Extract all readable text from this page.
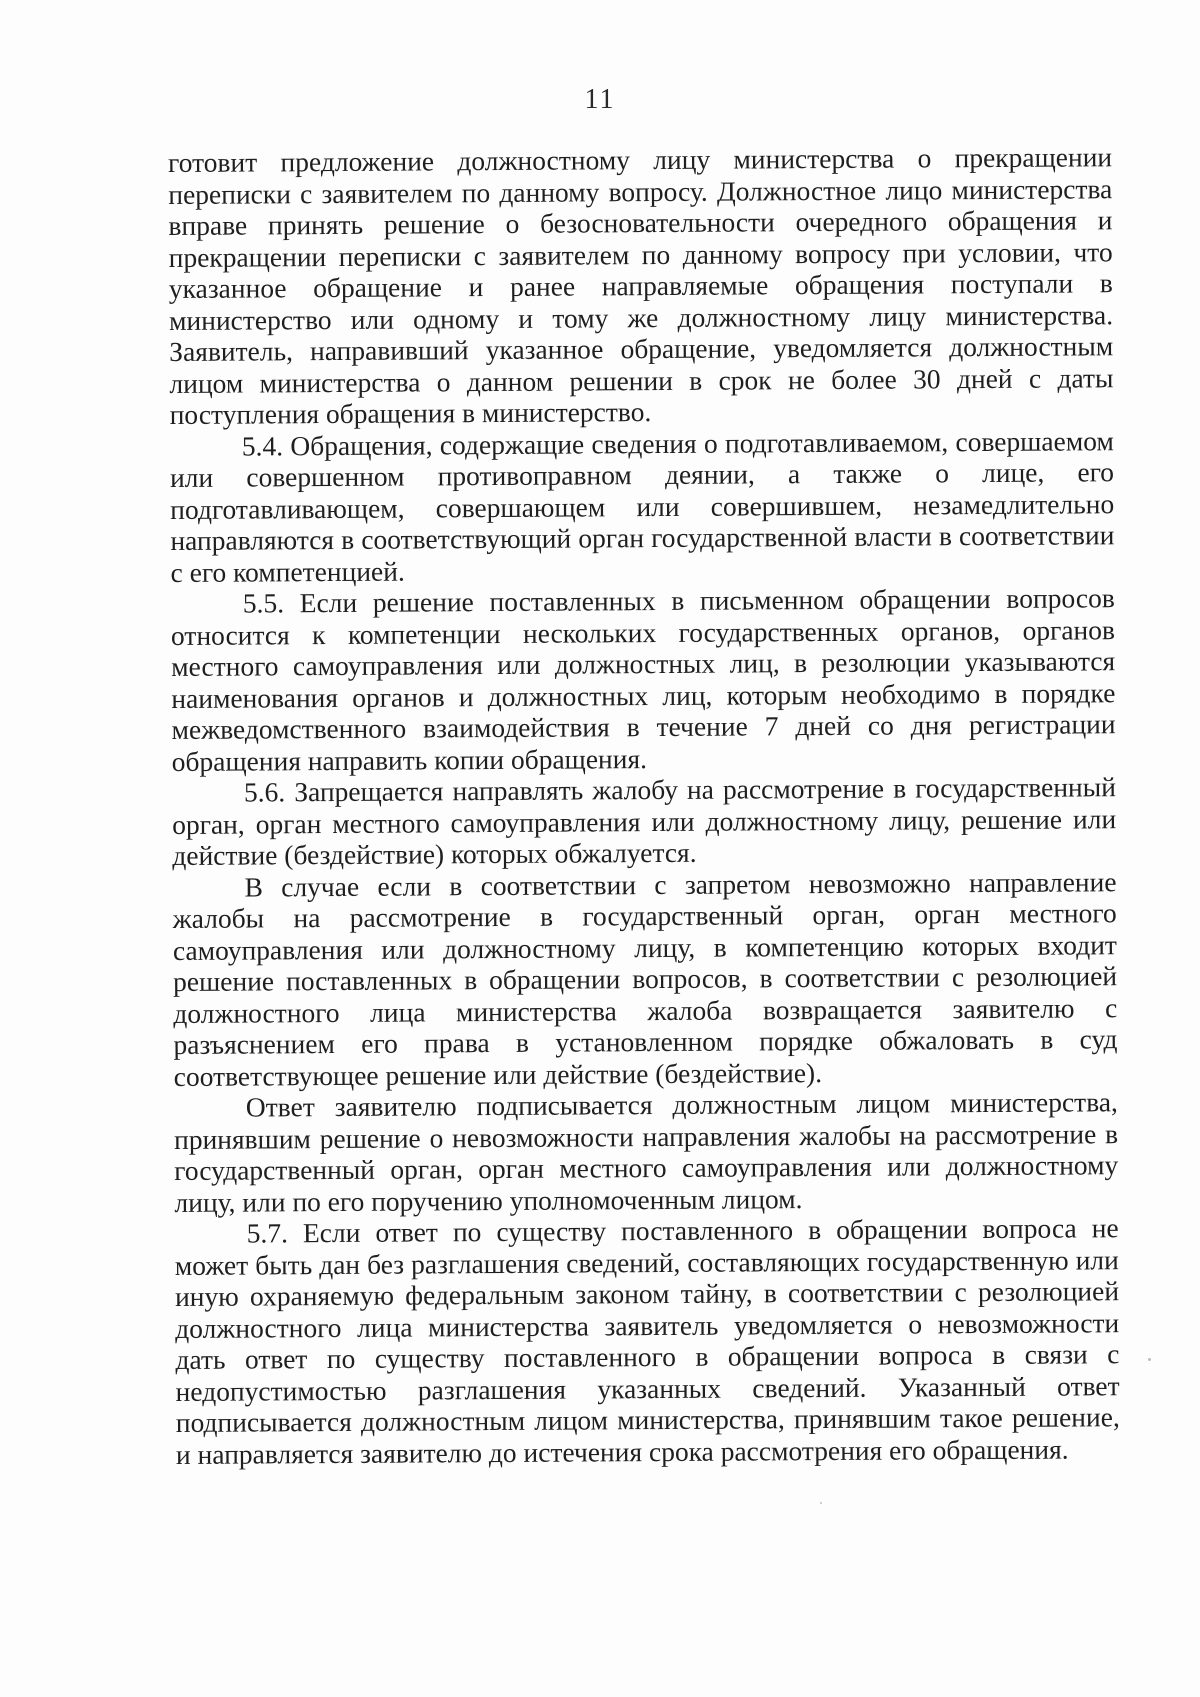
11

готовит предложение должностному лицу министерства о прекращении переписки с заявителем по данному вопросу. Должностное лицо министерства вправе принять решение о безосновательности очередного обращения и прекращении переписки с заявителем по данному вопросу при условии, что указанное обращение и ранее направляемые обращения поступали в министерство или одному и тому же должностному лицу министерства. Заявитель, направивший указанное обращение, уведомляется должностным лицом министерства о данном решении в срок не более 30 дней с даты поступления обращения в министерство.

5.4. Обращения, содержащие сведения о подготавливаемом, совершаемом или совершенном противоправном деянии, а также о лице, его подготавливающем, совершающем или совершившем, незамедлительно направляются в соответствующий орган государственной власти в соответствии с его компетенцией.

5.5. Если решение поставленных в письменном обращении вопросов относится к компетенции нескольких государственных органов, органов местного самоуправления или должностных лиц, в резолюции указываются наименования органов и должностных лиц, которым необходимо в порядке межведомственного взаимодействия в течение 7 дней со дня регистрации обращения направить копии обращения.

5.6. Запрещается направлять жалобу на рассмотрение в государственный орган, орган местного самоуправления или должностному лицу, решение или действие (бездействие) которых обжалуется.

В случае если в соответствии с запретом невозможно направление жалобы на рассмотрение в государственный орган, орган местного самоуправления или должностному лицу, в компетенцию которых входит решение поставленных в обращении вопросов, в соответствии с резолюцией должностного лица министерства жалоба возвращается заявителю с разъяснением его права в установленном порядке обжаловать в суд соответствующее решение или действие (бездействие).

Ответ заявителю подписывается должностным лицом министерства, принявшим решение о невозможности направления жалобы на рассмотрение в государственный орган, орган местного самоуправления или должностному лицу, или по его поручению уполномоченным лицом.

5.7. Если ответ по существу поставленного в обращении вопроса не может быть дан без разглашения сведений, составляющих государственную или иную охраняемую федеральным законом тайну, в соответствии с резолюцией должностного лица министерства заявитель уведомляется о невозможности дать ответ по существу поставленного в обращении вопроса в связи с недопустимостью разглашения указанных сведений. Указанный ответ подписывается должностным лицом министерства, принявшим такое решение, и направляется заявителю до истечения срока рассмотрения его обращения.
